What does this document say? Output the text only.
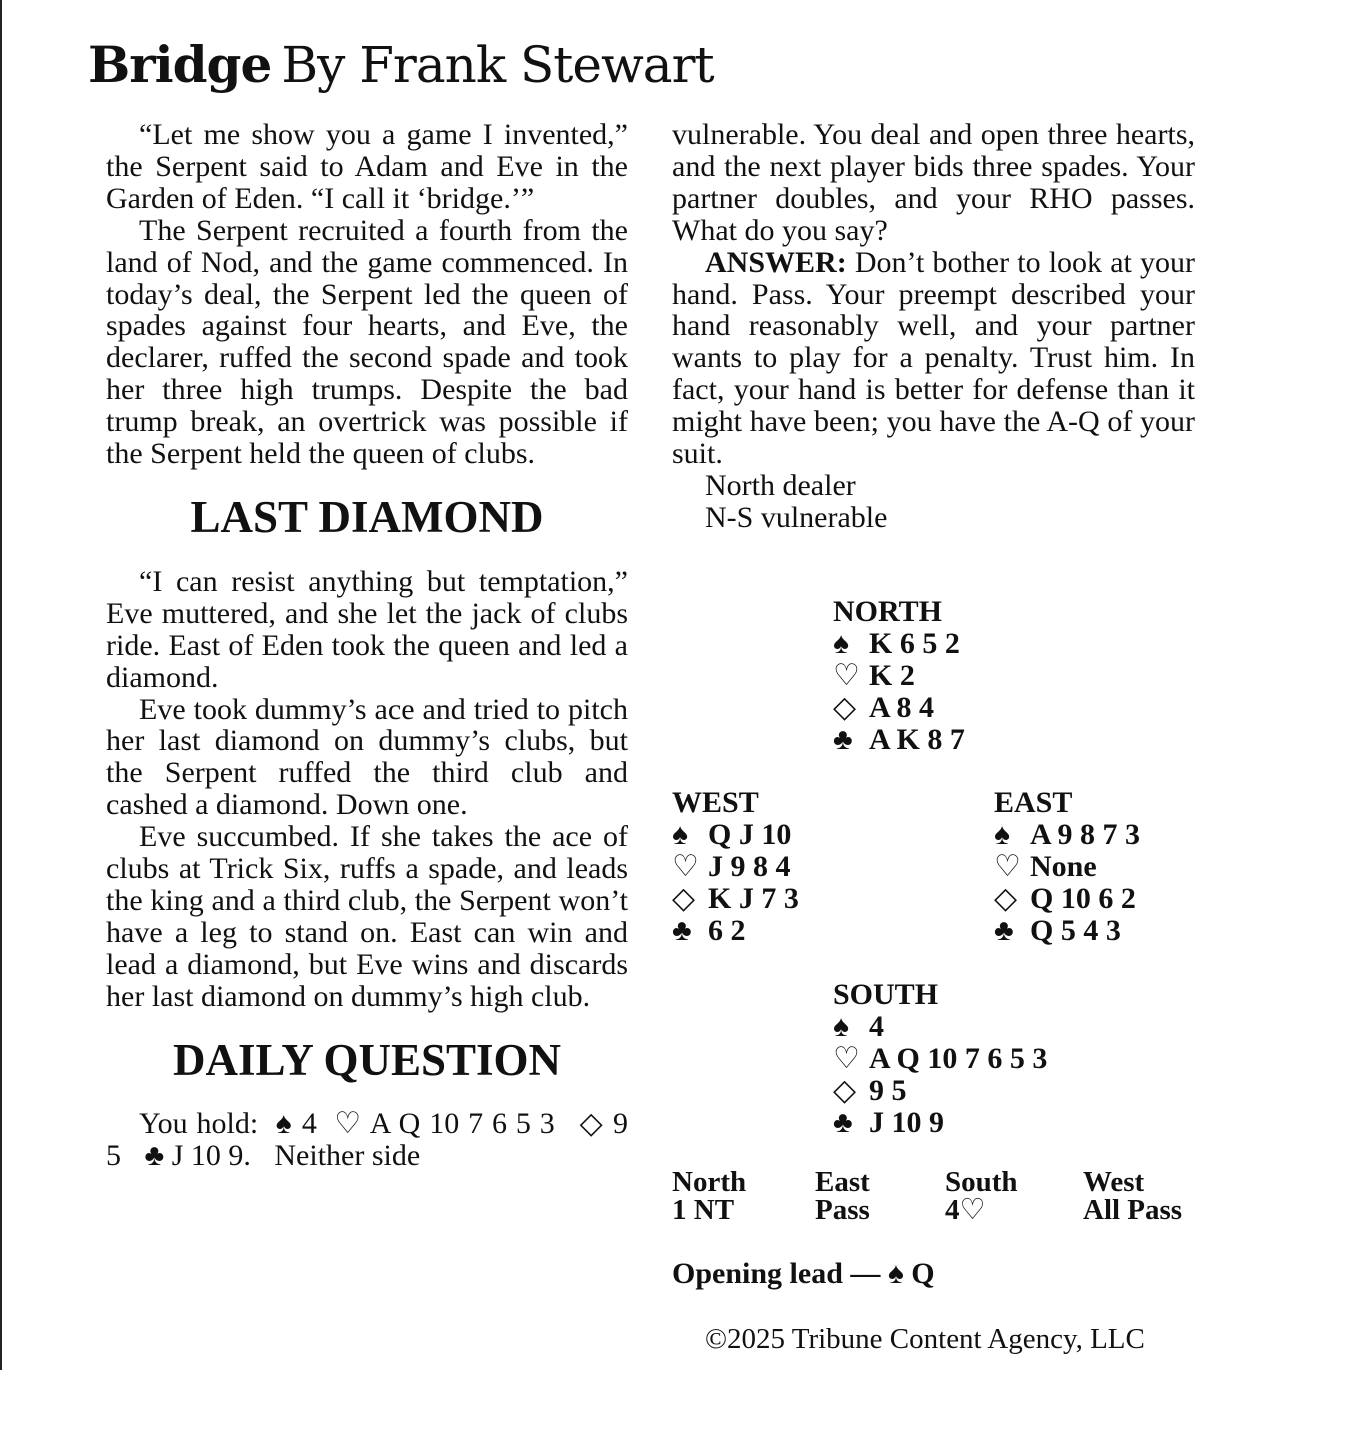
Bridge By Frank Stewart

“Let me show you a game I invented,” the Serpent said to Adam and Eve in the Garden of Eden. “I call it ‘bridge.’”

The Serpent recruited a fourth from the land of Nod, and the game commenced. In today’s deal, the Serpent led the queen of spades against four hearts, and Eve, the declarer, ruffed the second spade and took her three high trumps. Despite the bad trump break, an overtrick was possible if the Serpent held the queen of clubs.

LAST DIAMOND

“I can resist anything but temptation,” Eve muttered, and she let the jack of clubs ride. East of Eden took the queen and led a diamond.

Eve took dummy’s ace and tried to pitch her last diamond on dummy’s clubs, but the Serpent ruffed the third club and cashed a diamond. Down one.

Eve succumbed. If she takes the ace of clubs at Trick Six, ruffs a spade, and leads the king and a third club, the Serpent won’t have a leg to stand on. East can win and lead a diamond, but Eve wins and discards her last diamond on dummy’s high club.

DAILY QUESTION

You hold: ♠ 4 ♡ A Q 10 7 6 5 3 ◇ 9 5 ♣ J 10 9. Neither side

vulnerable. You deal and open three hearts, and the next player bids three spades. Your partner doubles, and your RHO passes. What do you say?

ANSWER: Don’t bother to look at your hand. Pass. Your preempt described your hand reasonably well, and your partner wants to play for a penalty. Trust him. In fact, your hand is better for defense than it might have been; you have the A-Q of your suit.

North dealer
N-S vulnerable
NORTH
♠ K 6 5 2
♡ K 2
◇ A 8 4
♣ A K 8 7
WEST
♠ Q J 10
♡ J 9 8 4
◇ K J 7 3
♣ 6 2
EAST
♠ A 9 8 7 3
♡ None
◇ Q 10 6 2
♣ Q 5 4 3
SOUTH
♠ 4
♡ A Q 10 7 6 5 3
◇ 9 5
♣ J 10 9
North East	South West
1 NT	Pass	4♡	All Pass
Opening lead — ♠ Q
©2025 Tribune Content Agency, LLC
